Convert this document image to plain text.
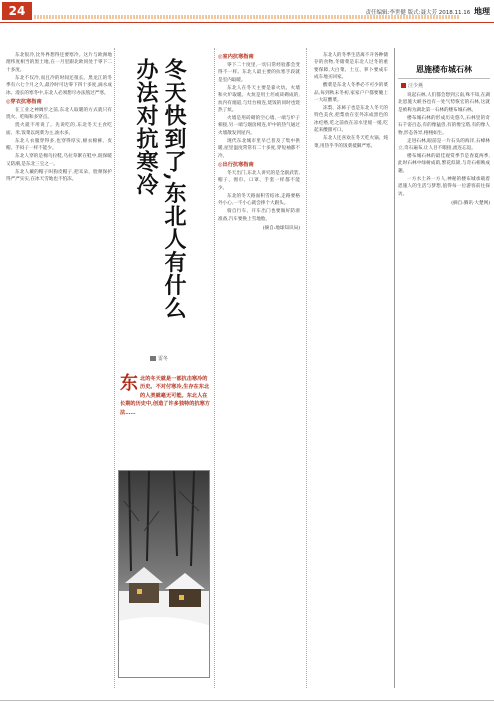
24	责任编辑:李世健 版式:聂大芳 2018.11.16 地理

东北很冷,比外界想得还要寒冷。这片与欧洲地理纬度相当的黑土地,在一月里跟北欧同处于零下二十多度。

东北不仅冷,而且冷的时间还很长。黑龙江的冬季有六七个月之久,最冷时可达零下四十多度,滴水成冰。漫长的寒冬中,东北人必须想尽办法熬过严寒。

◎穿衣抗寒指南

在工业之神阔步之前,东北人取暖的方式就只有烧火、吃喝和多穿点。

烧火就不用说了。先说吃的,东北冬天主食吃面、米,饭菜以炖菜为主,油水多。

东北人衣服穿得多,也穿得厚实,棉衣棉裤、皮帽、手闷子一样不能少。

东北人穿的是棉乌拉鞋,乌拉草絮在鞋中,既保暖又防潮,是东北三宝之一。

东北人戴的帽子叫狗皮帽子,把耳朵、脸颊保护得严严实实,在冰天雪地也不怕冻。	冬天快到了,东北人有什么办法对抗寒冷
雷冬
东 北的冬天就是一部抗击寒冷的历史。不对付寒冷,生存在东北的人类就毫无可能。东北人在长期的历史中,创造了许多独特的抗寒方法……

◎室内抗寒指南

零下二十度里,一切日常经验都会变得不一样。东北人最主要的抗寒手段就是室内取暖。

东北人在冬天主要是靠火炕、火墙和火炉取暖。火炕是用土坯或砖砌成的,炕内有烟道,与灶台相连,烧饭的同时也烧热了炕。

火墙是用砖砌的空心墙,一端与炉子相接,另一端与烟囱相连,炉中的热气通过火墙散发到屋内。

现代东北城市里早已普及了集中供暖,屋里温度常常有二十多度,穿短袖都不冷。

◎出行抗寒指南

冬天出门,东北人讲究的是全副武装,帽子、围巾、口罩、手套一样都不能少。

东北的冬天路面积雪结冰,走路要格外小心,一不小心就会摔个大跟头。

骑自行车、开车出门也要做好防滑准备,汽车要换上雪地胎。

(摘自:地球知识局)

东北人的冬季生活离不开各种储存的食物,冬储菜是东北人过冬的重要保障,大白菜、土豆、萝卜要成车成车地买回家。

酸菜是东北人冬季必不可少的菜品,每到秋末冬初,家家户户都要腌上一大缸酸菜。

冻梨、冻柿子也是东北人冬天的特色美食,把梨放在室外冻成黑色的冰疙瘩,吃之前放在凉水里缓一缓,吃起来酸甜可口。

东北人还喜欢在冬天吃火锅、炖菜,用热乎乎的饭菜抵御严寒。

恩施楼布城石林
汪少燕

说起石林,人们都会想到云南,殊不知,在湖北恩施大峡谷也有一处气势恢宏的石林,这就是被称为湖北第一石林的楼布城石林。

楼布城石林的形成历史悠久,石林里的奇石千姿百态,有的像猛兽,有的像宝塔,有的像人物,形态各异,栩栩如生。

走进石林,眼前是一片石头的海洋,石峰林立,奇石遍布,让人目不暇接,流连忘返。

楼布城石林的最佳观赏季节是春夏两季,此时石林中绿树成荫,繁花似锦,与奇石相映成趣。

一方水土养一方人,神秘的楼布城承载着恩施人的生活与梦想,值得每一位游客前往探访。

(摘自:腾讯·大楚网)
